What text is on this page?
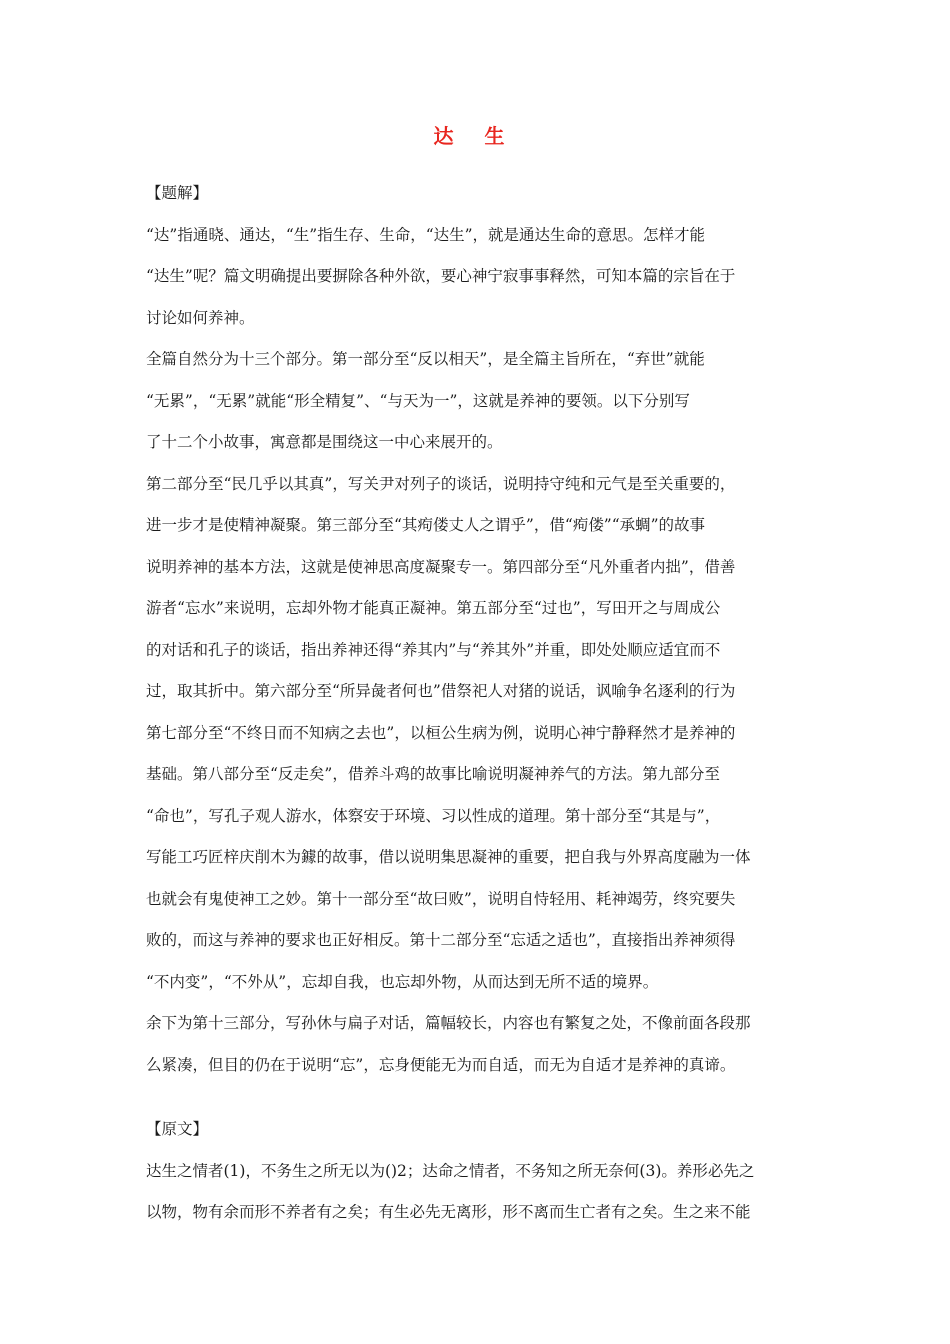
达 生
【题解】
“达”指通晓、通达，“生”指生存、生命，“达生”，就是通达生命的意思。怎样才能
“达生”呢？篇文明确提出要摒除各种外欲，要心神宁寂事事释然，可知本篇的宗旨在于
讨论如何养神。
全篇自然分为十三个部分。第一部分至“反以相天”，是全篇主旨所在，“弃世”就能
“无累”，“无累”就能“形全精复”、“与天为一”，这就是养神的要领。以下分别写
了十二个小故事，寓意都是围绕这一中心来展开的。
第二部分至“民几乎以其真”，写关尹对列子的谈话，说明持守纯和元气是至关重要的，
进一步才是使精神凝聚。第三部分至“其痀偻丈人之谓乎”，借“痀偻”“承蜩”的故事
说明养神的基本方法，这就是使神思高度凝聚专一。第四部分至“凡外重者内拙”，借善
游者“忘水”来说明，忘却外物才能真正凝神。第五部分至“过也”，写田开之与周成公
的对话和孔子的谈话，指出养神还得“养其内”与“养其外”并重，即处处顺应适宜而不
过，取其折中。第六部分至“所异彘者何也”借祭祀人对猪的说话，讽喻争名逐利的行为
第七部分至“不终日而不知病之去也”，以桓公生病为例，说明心神宁静释然才是养神的
基础。第八部分至“反走矣”，借养斗鸡的故事比喻说明凝神养气的方法。第九部分至
“命也”，写孔子观人游水，体察安于环境、习以性成的道理。第十部分至“其是与”，
写能工巧匠梓庆削木为鐻的故事，借以说明集思凝神的重要，把自我与外界高度融为一体
也就会有鬼使神工之妙。第十一部分至“故曰败”，说明自恃轻用、耗神竭劳，终究要失
败的，而这与养神的要求也正好相反。第十二部分至“忘适之适也”，直接指出养神须得
“不内变”，“不外从”，忘却自我，也忘却外物，从而达到无所不适的境界。
余下为第十三部分，写孙休与扁子对话，篇幅较长，内容也有繁复之处，不像前面各段那
么紧凑，但目的仍在于说明“忘”，忘身便能无为而自适，而无为自适才是养神的真谛。
【原文】
达生之情者(1)，不务生之所无以为()2；达命之情者，不务知之所无奈何(3)。养形必先之
以物，物有余而形不养者有之矣；有生必先无离形，形不离而生亡者有之矣。生之来不能
